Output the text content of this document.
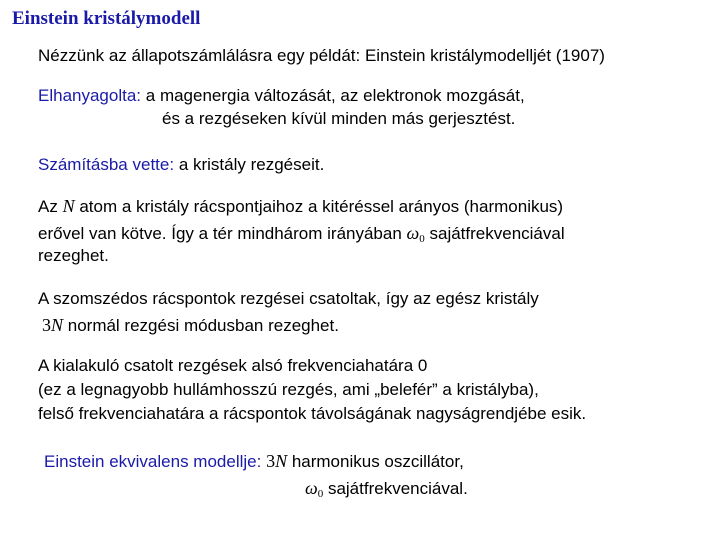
Einstein kristálymodell
Nézzünk az állapotszámlálásra egy példát: Einstein kristálymodelljét (1907)
Elhanyagolta: a magenergia változását, az elektronok mozgását,
és a rezgéseken kívül minden más gerjesztést.
Számításba vette: a kristály rezgéseit.
Az N atom a kristály rácspontjaihoz a kitéréssel arányos (harmonikus)
erővel van kötve. Így a tér mindhárom irányában $\omega_0$ sajátfrekvenciával
rezeghet.
A szomszédos rácspontok rezgései csatoltak, így az egész kristály
3N normál rezgési módusban rezeghet.
A kialakuló csatolt rezgések alsó frekvenciahatára 0
(ez a legnagyobb hullámhosszú rezgés, ami „belefér” a kristályba),
felső frekvenciahatára a rácspontok távolságának nagyságrendjébe esik.
Einstein ekvivalens modellje: 3N harmonikus oszcillátor,
$\omega_0$ sajátfrekvenciával.
